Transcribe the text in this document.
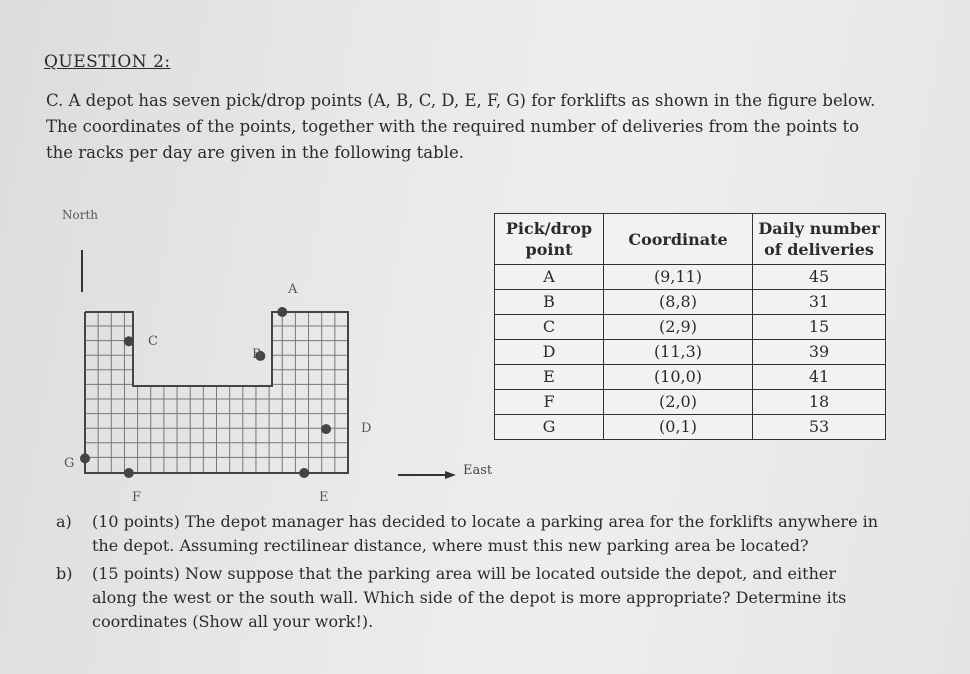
QUESTION 2:
C. A depot has seven pick/drop points (A, B, C, D, E, F, G) for forklifts as shown in the figure below. The coordinates of the points, together with the required number of deliveries from the points to the racks per day are given in the following table.
North
East
C
A
B
D
G
F	E
Pick/drop point	Coordinate	Daily number of deliveries
A	(9,11)	45
B	(8,8)	31
C	(2,9)	15
D	(11,3)	39
E	(10,0)	41
F	(2,0)	18
G	(0,1)	53
a) (10 points) The depot manager has decided to locate a parking area for the forklifts anywhere in the depot. Assuming rectilinear distance, where must this new parking area be located?
b) (15 points) Now suppose that the parking area will be located outside the depot, and either along the west or the south wall. Which side of the depot is more appropriate? Determine its coordinates (Show all your work!).
